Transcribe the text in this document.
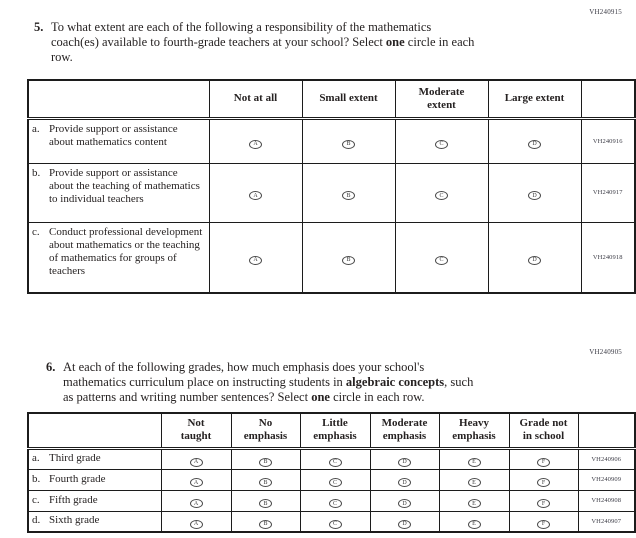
VH240915
5. To what extent are each of the following a responsibility of the mathematics
coach(es) available to fourth-grade teachers at your school? Select one circle in each
row.

	Not at all	Small extent	Moderate
extent	Large extent	

a. Provide support or assistance about mathematics content	A	B	C	D	VH240916

b. Provide support or assistance about the teaching of mathematics to individual teachers	A	B	C	D	VH240917

c. Conduct professional development about mathematics or the teaching of mathematics for groups of teachers	A	B	C	D	VH240918
VH240905
6. At each of the following grades, how much emphasis does your school's
mathematics curriculum place on instructing students in algebraic concepts, such
as patterns and writing number sentences? Select one circle in each row.

Not
taught

No
emphasis

Little
emphasis

Moderate
emphasis

Heavy
emphasis

Grade not
in school

a. Third grade	A	B	C	D	E	F	VH240906

b. Fourth grade	A	B	C	D	E	F	VH240909

c. Fifth grade	A	B	C	D	E	F	VH240908

d. Sixth grade	A	B	C	D	E	F	VH240907
